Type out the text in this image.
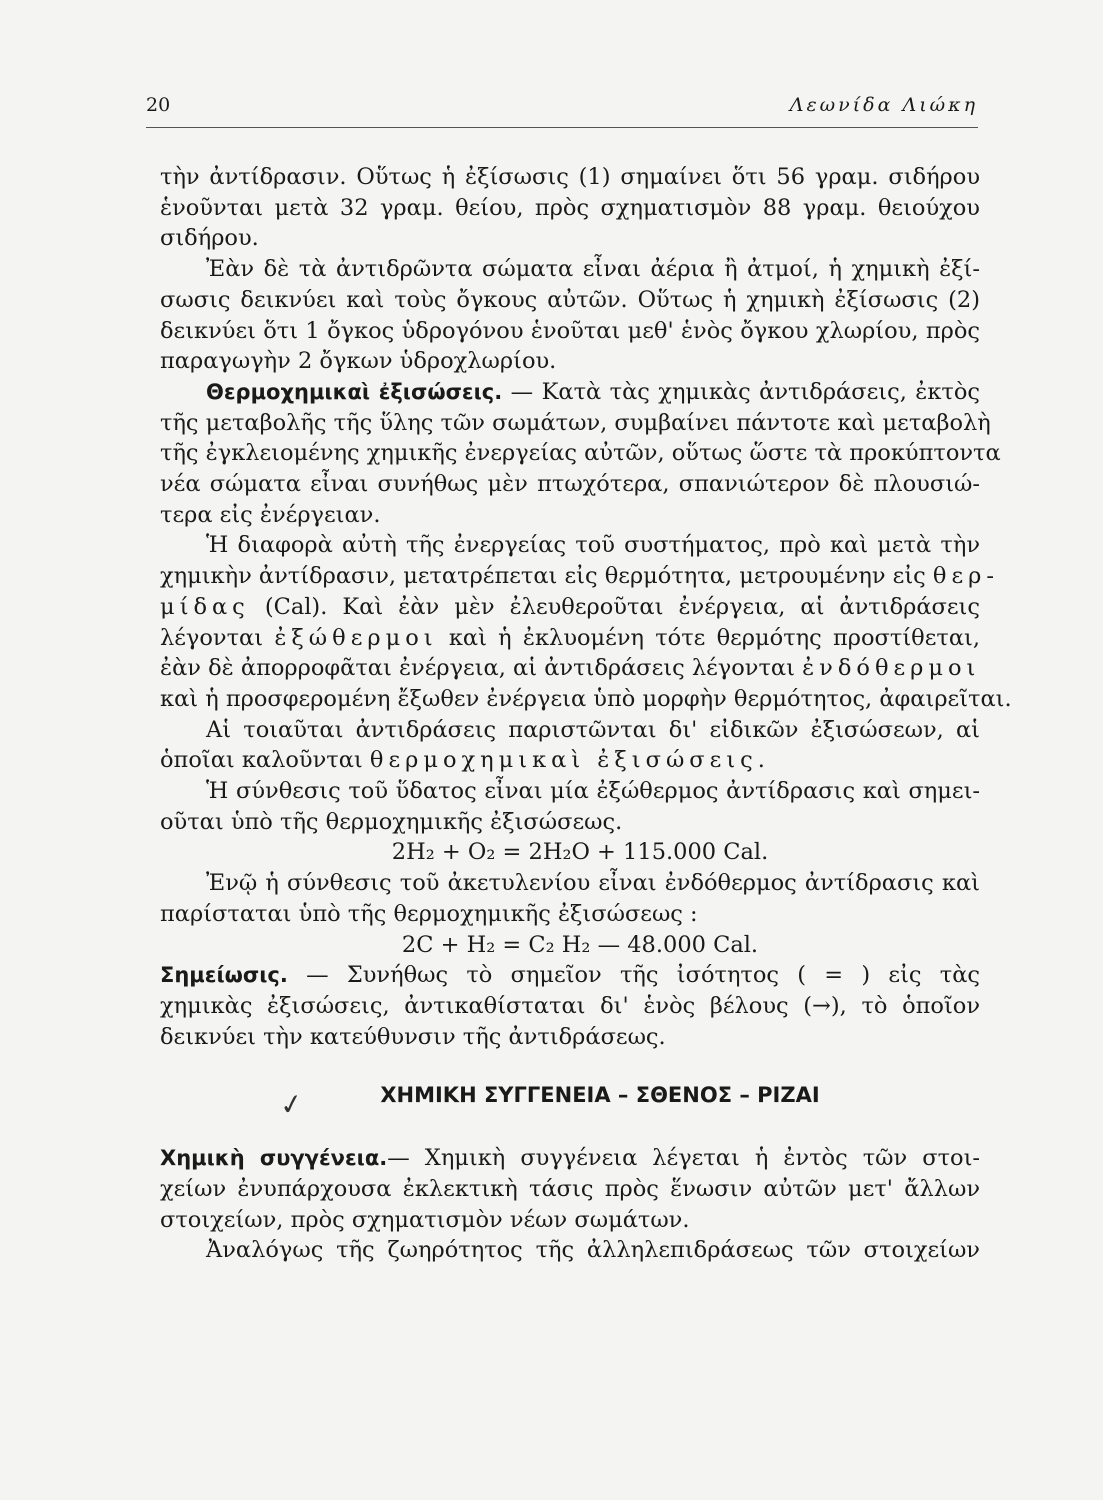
20	Λεωνίδα Λιώκη
τὴν ἀντίδρασιν. Οὕτως ἡ ἐξίσωσις (1) σημαίνει ὅτι 56 γραμ. σιδήρου
ἑνοῦνται μετὰ 32 γραμ. θείου, πρὸς σχηματισμὸν 88 γραμ. θειούχου
σιδήρου.
Ἐὰν δὲ τὰ ἀντιδρῶντα σώματα εἶναι ἀέρια ἢ ἀτμοί, ἡ χημικὴ ἐξί-
σωσις δεικνύει καὶ τοὺς ὄγκους αὐτῶν. Οὕτως ἡ χημικὴ ἐξίσωσις (2)
δεικνύει ὅτι 1 ὄγκος ὑδρογόνου ἑνοῦται μεθ' ἑνὸς ὄγκου χλωρίου, πρὸς
παραγωγὴν 2 ὄγκων ὑδροχλωρίου.
Θερμοχημικαὶ ἐξισώσεις. — Κατὰ τὰς χημικὰς ἀντιδράσεις, ἐκτὸς
τῆς μεταβολῆς τῆς ὕλης τῶν σωμάτων, συμβαίνει πάντοτε καὶ μεταβολὴ
τῆς ἐγκλειομένης χημικῆς ἐνεργείας αὐτῶν, οὕτως ὥστε τὰ προκύπτοντα
νέα σώματα εἶναι συνήθως μὲν πτωχότερα, σπανιώτερον δὲ πλουσιώ-
τερα εἰς ἐνέργειαν.
Ἡ διαφορὰ αὐτὴ τῆς ἐνεργείας τοῦ συστήματος, πρὸ καὶ μετὰ τὴν
χημικὴν ἀντίδρασιν, μετατρέπεται εἰς θερμότητα, μετρουμένην εἰς θερ-
μίδας (Cal). Καὶ ἐὰν μὲν ἐλευθεροῦται ἐνέργεια, αἱ ἀντιδράσεις
λέγονται ἐξώθερμοι καὶ ἡ ἐκλυομένη τότε θερμότης προστίθεται,
ἐὰν δὲ ἀπορροφᾶται ἐνέργεια, αἱ ἀντιδράσεις λέγονται ἐνδόθερμοι
καὶ ἡ προσφερομένη ἔξωθεν ἐνέργεια ὑπὸ μορφὴν θερμότητος, ἀφαιρεῖται.
Αἱ τοιαῦται ἀντιδράσεις παριστῶνται δι' εἰδικῶν ἐξισώσεων, αἱ
ὁποῖαι καλοῦνται θερμοχημικαὶ ἐξισώσεις.
Ἡ σύνθεσις τοῦ ὕδατος εἶναι μία ἐξώθερμος ἀντίδρασις καὶ σημει-
οῦται ὑπὸ τῆς θερμοχημικῆς ἐξισώσεως.
2H₂ + O₂ = 2H₂O + 115.000 Cal.
Ἐνῷ ἡ σύνθεσις τοῦ ἀκετυλενίου εἶναι ἐνδόθερμος ἀντίδρασις καὶ
παρίσταται ὑπὸ τῆς θερμοχημικῆς ἐξισώσεως :
2C + H₂ = C₂ H₂ — 48.000 Cal.
Σημείωσις. — Συνήθως τὸ σημεῖον τῆς ἰσότητος ( = ) εἰς τὰς
χημικὰς ἐξισώσεις, ἀντικαθίσταται δι' ἑνὸς βέλους (→), τὸ ὁποῖον
δεικνύει τὴν κατεύθυνσιν τῆς ἀντιδράσεως.
✓	ΧΗΜΙΚΗ ΣΥΓΓΕΝΕΙΑ – ΣΘΕΝΟΣ – ΡΙΖΑΙ
Χημικὴ συγγένεια.— Χημικὴ συγγένεια λέγεται ἡ ἐντὸς τῶν στοι-
χείων ἐνυπάρχουσα ἐκλεκτικὴ τάσις πρὸς ἕνωσιν αὐτῶν μετ' ἄλλων
στοιχείων, πρὸς σχηματισμὸν νέων σωμάτων.
Ἀναλόγως τῆς ζωηρότητος τῆς ἀλληλεπιδράσεως τῶν στοιχείων
